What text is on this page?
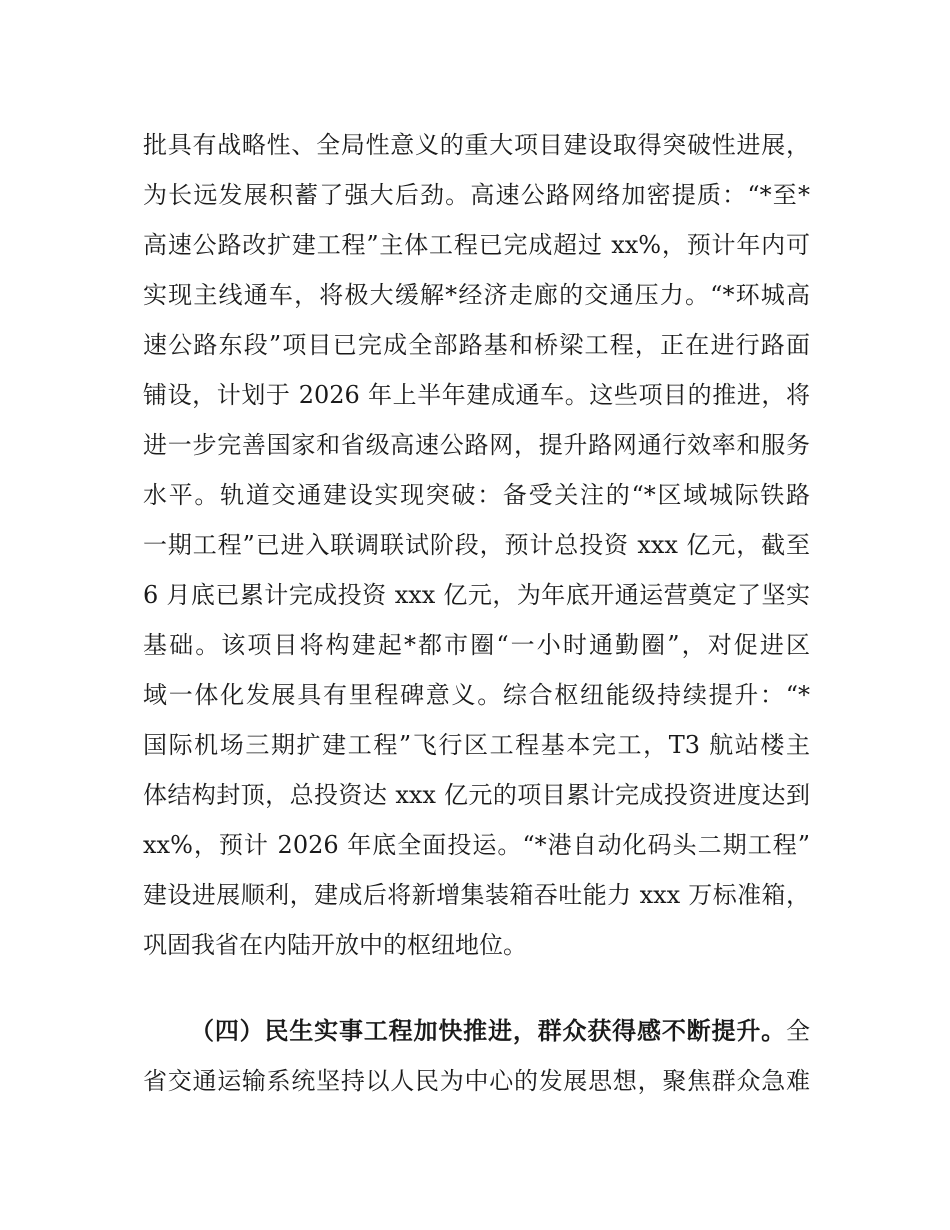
批具有战略性、全局性意义的重大项目建设取得突破性进展，
为长远发展积蓄了强大后劲。高速公路网络加密提质：“*至*
高速公路改扩建工程”主体工程已完成超过 xx%，预计年内可
实现主线通车，将极大缓解*经济走廊的交通压力。“*环城高
速公路东段”项目已完成全部路基和桥梁工程，正在进行路面
铺设，计划于 2026 年上半年建成通车。这些项目的推进，将
进一步完善国家和省级高速公路网，提升路网通行效率和服务
水平。轨道交通建设实现突破：备受关注的“*区域城际铁路
一期工程”已进入联调联试阶段，预计总投资 xxx 亿元，截至
6 月底已累计完成投资 xxx 亿元，为年底开通运营奠定了坚实
基础。该项目将构建起*都市圈“一小时通勤圈”，对促进区
域一体化发展具有里程碑意义。综合枢纽能级持续提升：“*
国际机场三期扩建工程”飞行区工程基本完工，T3 航站楼主
体结构封顶，总投资达 xxx 亿元的项目累计完成投资进度达到
xx%，预计 2026 年底全面投运。“*港自动化码头二期工程”
建设进展顺利，建成后将新增集装箱吞吐能力 xxx 万标准箱，
巩固我省在内陆开放中的枢纽地位。
（四）民生实事工程加快推进，群众获得感不断提升。全
省交通运输系统坚持以人民为中心的发展思想，聚焦群众急难
